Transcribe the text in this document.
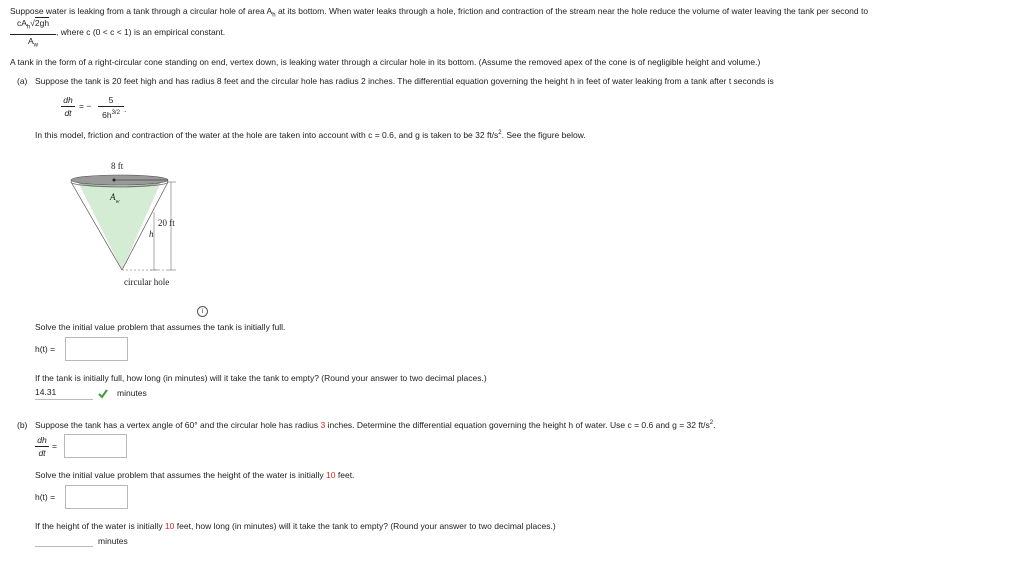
Suppose water is leaking from a tank through a circular hole of area $A_h$ at its bottom. When water leaks through a hole, friction and contraction of the stream near the hole reduce the volume of water leaving the tank per second to
$cA_h√2gh$
$A_w$
, where c (0 < c < 1) is an empirical constant.
A tank in the form of a right-circular cone standing on end, vertex down, is leaking water through a circular hole in its bottom. (Assume the removed apex of the cone is of negligible height and volume.)
(a) Suppose the tank is 20 feet high and has radius 8 feet and the circular hole has radius 2 inches. The differential equation governing the height h in feet of water leaking from a tank after t seconds is
dh
dt
= −
5
$6h^{3/2}$ .
In this model, friction and contraction of the water at the hole are taken into account with c = 0.6, and g is taken to be 32 $ft/s^2$. See the figure below.
8 ft
$A_w$
20 ft
h
circular hole
i
Solve the initial value problem that assumes the tank is initially full.
h(t) =
If the tank is initially full, how long (in minutes) will it take the tank to empty? (Round your answer to two decimal places.)
14.31	minutes
(b) Suppose the tank has a vertex angle of 60° and the circular hole has radius 3 inches. Determine the differential equation governing the height h of water. Use c = 0.6 and g = 32 $ft/s^2$.
dh
dt
=
Solve the initial value problem that assumes the height of the water is initially 10 feet.
h(t) =
If the height of the water is initially 10 feet, how long (in minutes) will it take the tank to empty? (Round your answer to two decimal places.)
minutes
